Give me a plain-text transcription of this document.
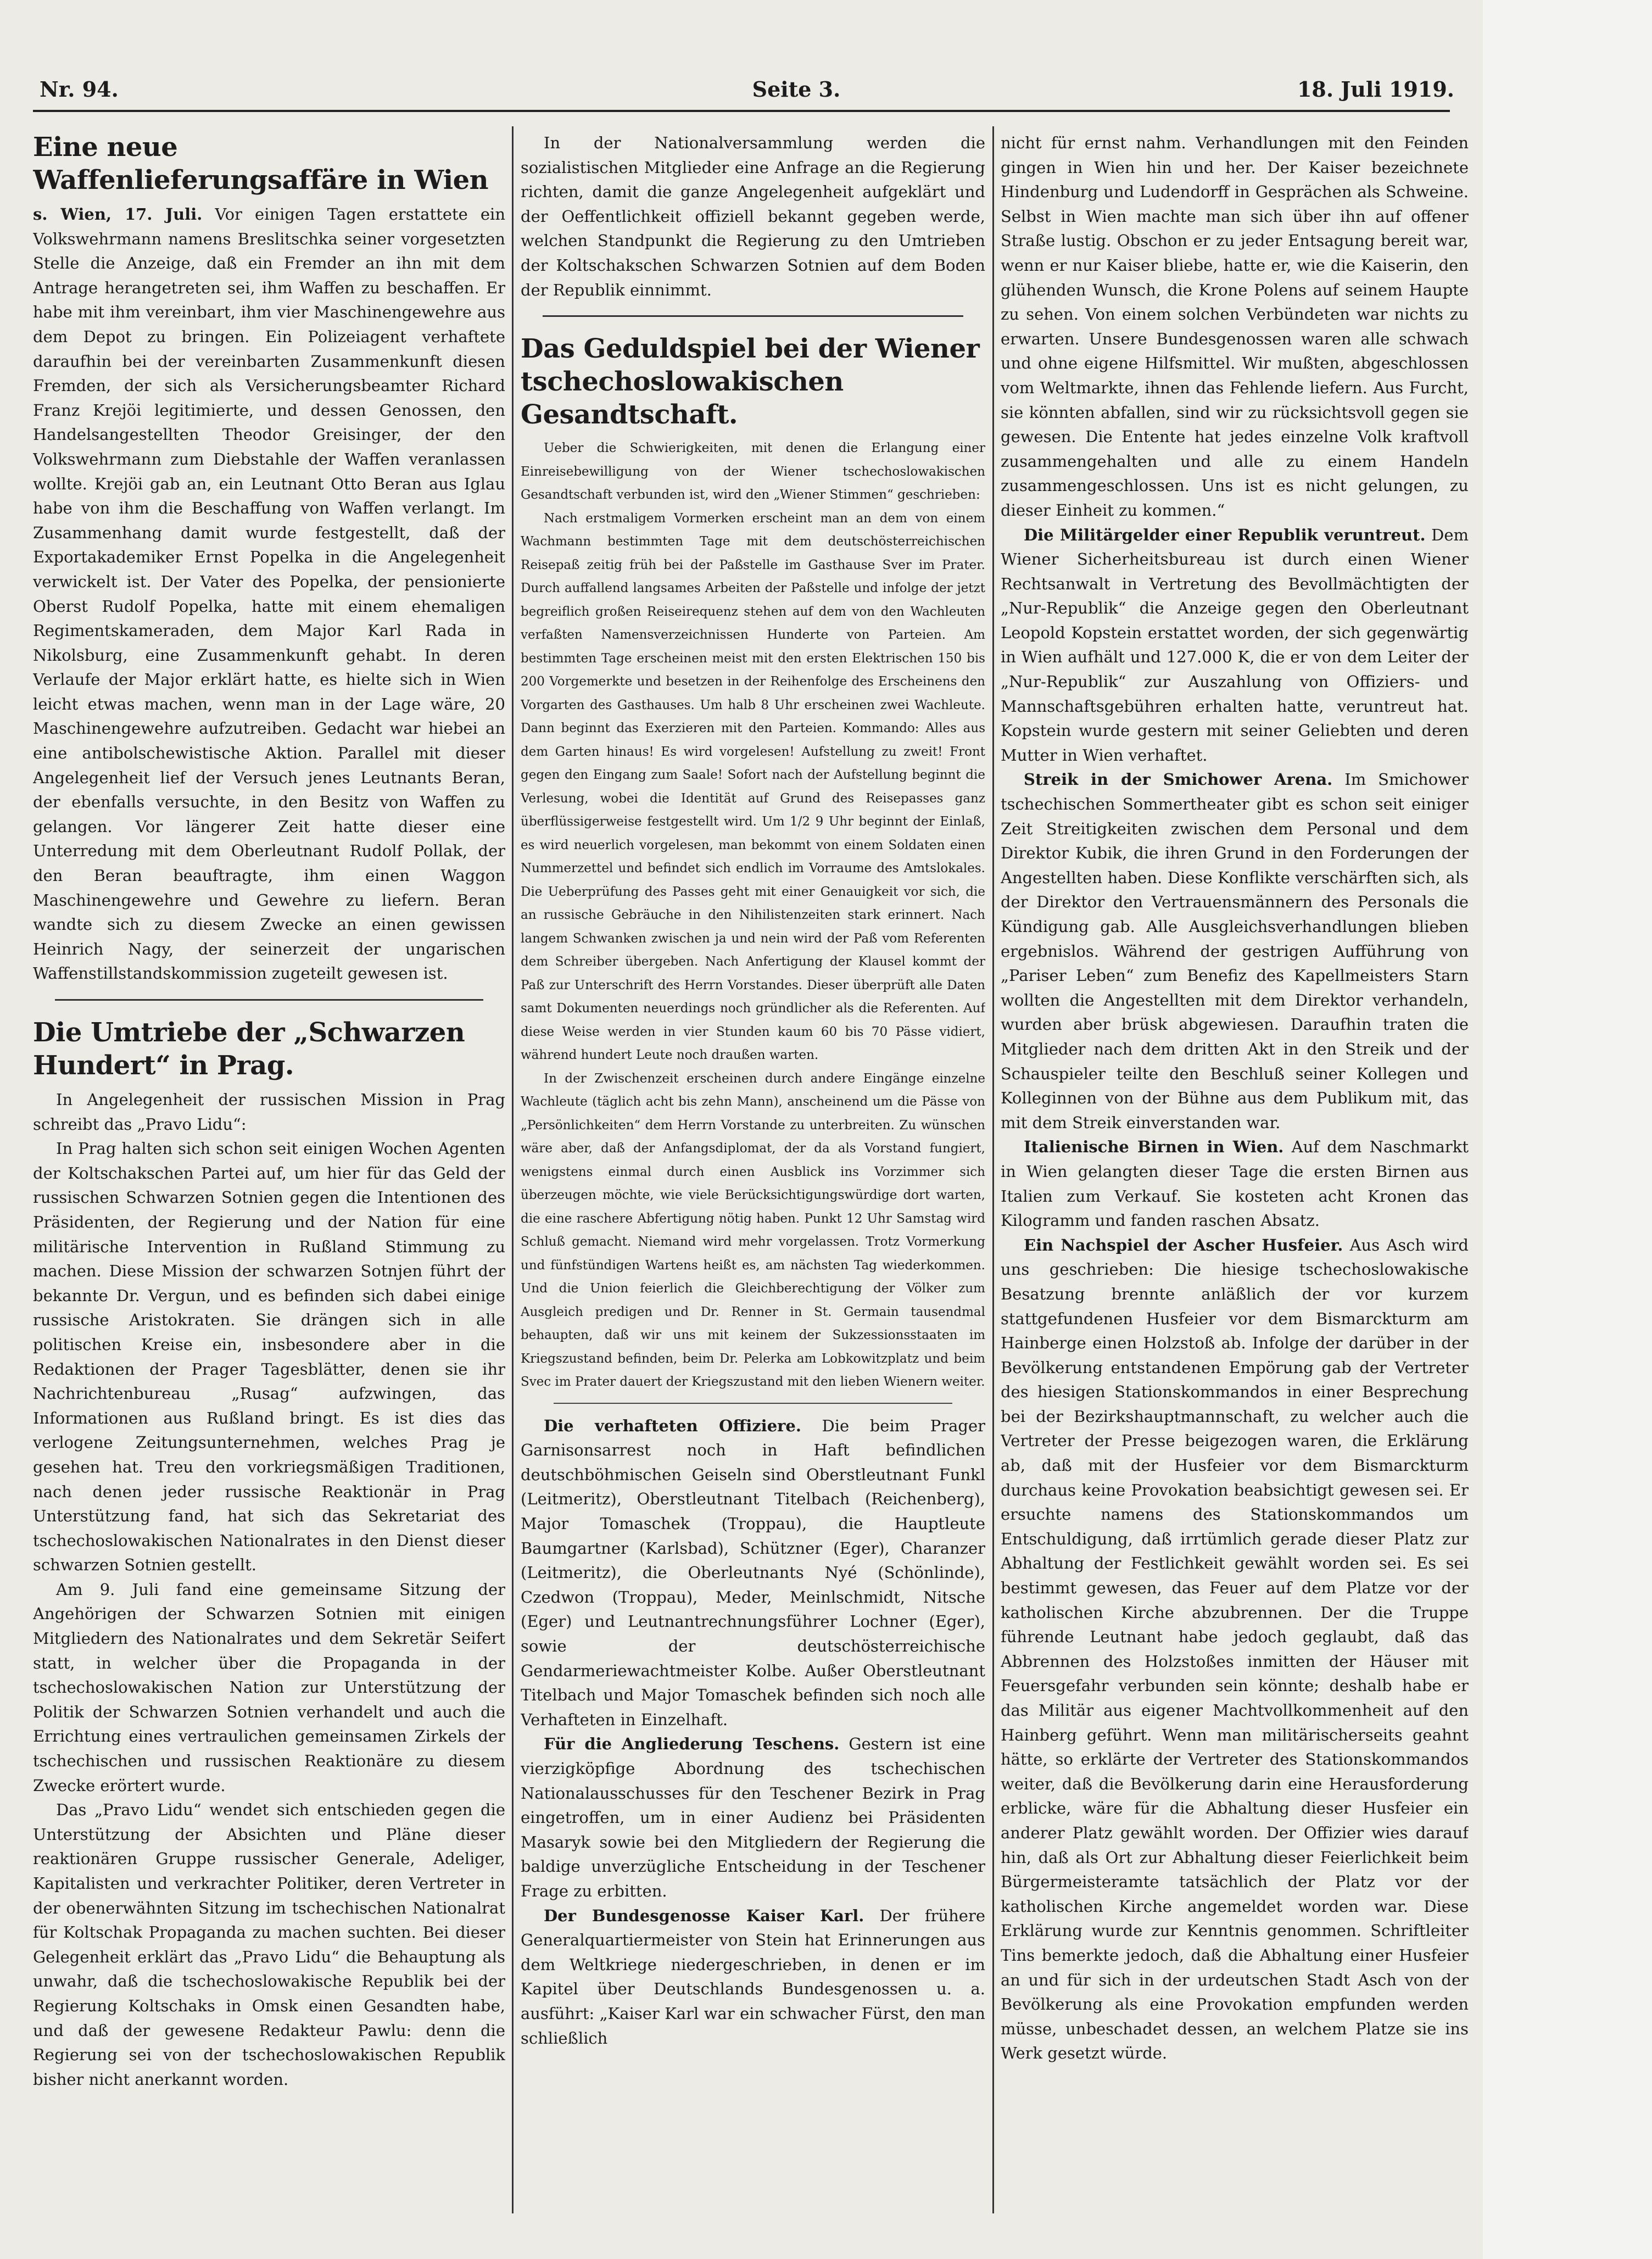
Nr. 94.	Seite 3.	18. Juli 1919.
Eine neue Waffenlieferungsaffäre in Wien

s. Wien, 17. Juli. Vor einigen Tagen erstattete ein Volkswehrmann namens Breslitschka seiner vorgesetzten Stelle die Anzeige, daß ein Fremder an ihn mit dem Antrage herangetreten sei, ihm Waffen zu beschaffen. Er habe mit ihm vereinbart, ihm vier Maschinengewehre aus dem Depot zu bringen. Ein Polizeiagent verhaftete daraufhin bei der vereinbarten Zusammenkunft diesen Fremden, der sich als Versicherungsbeamter Richard Franz Krejöi legitimierte, und dessen Genossen, den Handelsangestellten Theodor Greisinger, der den Volkswehrmann zum Diebstahle der Waffen veranlassen wollte. Krejöi gab an, ein Leutnant Otto Beran aus Iglau habe von ihm die Beschaffung von Waffen verlangt. Im Zusammenhang damit wurde festgestellt, daß der Exportakademiker Ernst Popelka in die Angelegenheit verwickelt ist. Der Vater des Popelka, der pensionierte Oberst Rudolf Popelka, hatte mit einem ehemaligen Regimentskameraden, dem Major Karl Rada in Nikolsburg, eine Zusammenkunft gehabt. In deren Verlaufe der Major erklärt hatte, es hielte sich in Wien leicht etwas machen, wenn man in der Lage wäre, 20 Maschinengewehre aufzutreiben. Gedacht war hiebei an eine antibolschewistische Aktion. Parallel mit dieser Angelegenheit lief der Versuch jenes Leutnants Beran, der ebenfalls versuchte, in den Besitz von Waffen zu gelangen. Vor längerer Zeit hatte dieser eine Unterredung mit dem Oberleutnant Rudolf Pollak, der den Beran beauftragte, ihm einen Waggon Maschinengewehre und Gewehre zu liefern. Beran wandte sich zu diesem Zwecke an einen gewissen Heinrich Nagy, der seinerzeit der ungarischen Waffenstillstandskommission zugeteilt gewesen ist.

Die Umtriebe der „Schwarzen Hundert“ in Prag.

In Angelegenheit der russischen Mission in Prag schreibt das „Pravo Lidu“:

In Prag halten sich schon seit einigen Wochen Agenten der Koltschakschen Partei auf, um hier für das Geld der russischen Schwarzen Sotnien gegen die Intentionen des Präsidenten, der Regierung und der Nation für eine militärische Intervention in Rußland Stimmung zu machen. Diese Mission der schwarzen Sotnjen führt der bekannte Dr. Vergun, und es befinden sich dabei einige russische Aristokraten. Sie drängen sich in alle politischen Kreise ein, insbesondere aber in die Redaktionen der Prager Tagesblätter, denen sie ihr Nachrichtenbureau „Rusag“ aufzwingen, das Informationen aus Rußland bringt. Es ist dies das verlogene Zeitungsunternehmen, welches Prag je gesehen hat. Treu den vorkriegsmäßigen Traditionen, nach denen jeder russische Reaktionär in Prag Unterstützung fand, hat sich das Sekretariat des tschechoslowakischen Nationalrates in den Dienst dieser schwarzen Sotnien gestellt.

Am 9. Juli fand eine gemeinsame Sitzung der Angehörigen der Schwarzen Sotnien mit einigen Mitgliedern des Nationalrates und dem Sekretär Seifert statt, in welcher über die Propaganda in der tschechoslowakischen Nation zur Unterstützung der Politik der Schwarzen Sotnien verhandelt und auch die Errichtung eines vertraulichen gemeinsamen Zirkels der tschechischen und russischen Reaktionäre zu diesem Zwecke erörtert wurde.

Das „Pravo Lidu“ wendet sich entschieden gegen die Unterstützung der Absichten und Pläne dieser reaktionären Gruppe russischer Generale, Adeliger, Kapitalisten und verkrachter Politiker, deren Vertreter in der obenerwähnten Sitzung im tschechischen Nationalrat für Koltschak Propaganda zu machen suchten. Bei dieser Gelegenheit erklärt das „Pravo Lidu“ die Behauptung als unwahr, daß die tschechoslowakische Republik bei der Regierung Koltschaks in Omsk einen Gesandten habe, und daß der gewesene Redakteur Pawlu: denn die Regierung sei von der tschechoslowakischen Republik bisher nicht anerkannt worden.

In der Nationalversammlung werden die sozialistischen Mitglieder eine Anfrage an die Regierung richten, damit die ganze Angelegenheit aufgeklärt und der Oeffentlichkeit offiziell bekannt gegeben werde, welchen Standpunkt die Regierung zu den Umtrieben der Koltschakschen Schwarzen Sotnien auf dem Boden der Republik einnimmt.

Das Geduldspiel bei der Wiener tschechoslowakischen Gesandtschaft.

Ueber die Schwierigkeiten, mit denen die Erlangung einer Einreisebewilligung von der Wiener tschechoslowakischen Gesandtschaft verbunden ist, wird den „Wiener Stimmen“ geschrieben:

Nach erstmaligem Vormerken erscheint man an dem von einem Wachmann bestimmten Tage mit dem deutschösterreichischen Reisepaß zeitig früh bei der Paßstelle im Gasthause Sver im Prater. Durch auffallend langsames Arbeiten der Paßstelle und infolge der jetzt begreiflich großen Reiseirequenz stehen auf dem von den Wachleuten verfaßten Namensverzeichnissen Hunderte von Parteien. Am bestimmten Tage erscheinen meist mit den ersten Elektrischen 150 bis 200 Vorgemerkte und besetzen in der Reihenfolge des Erscheinens den Vorgarten des Gasthauses. Um halb 8 Uhr erscheinen zwei Wachleute. Dann beginnt das Exerzieren mit den Parteien. Kommando: Alles aus dem Garten hinaus! Es wird vorgelesen! Aufstellung zu zweit! Front gegen den Eingang zum Saale! Sofort nach der Aufstellung beginnt die Verlesung, wobei die Identität auf Grund des Reisepasses ganz überflüssigerweise festgestellt wird. Um 1/2 9 Uhr beginnt der Einlaß, es wird neuerlich vorgelesen, man bekommt von einem Soldaten einen Nummerzettel und befindet sich endlich im Vorraume des Amtslokales. Die Ueberprüfung des Passes geht mit einer Genauigkeit vor sich, die an russische Gebräuche in den Nihilistenzeiten stark erinnert. Nach langem Schwanken zwischen ja und nein wird der Paß vom Referenten dem Schreiber übergeben. Nach Anfertigung der Klausel kommt der Paß zur Unterschrift des Herrn Vorstandes. Dieser überprüft alle Daten samt Dokumenten neuerdings noch gründlicher als die Referenten. Auf diese Weise werden in vier Stunden kaum 60 bis 70 Pässe vidiert, während hundert Leute noch draußen warten.

In der Zwischenzeit erscheinen durch andere Eingänge einzelne Wachleute (täglich acht bis zehn Mann), anscheinend um die Pässe von „Persönlichkeiten“ dem Herrn Vorstande zu unterbreiten. Zu wünschen wäre aber, daß der Anfangsdiplomat, der da als Vorstand fungiert, wenigstens einmal durch einen Ausblick ins Vorzimmer sich überzeugen möchte, wie viele Berücksichtigungswürdige dort warten, die eine raschere Abfertigung nötig haben. Punkt 12 Uhr Samstag wird Schluß gemacht. Niemand wird mehr vorgelassen. Trotz Vormerkung und fünfstündigen Wartens heißt es, am nächsten Tag wiederkommen. Und die Union feierlich die Gleichberechtigung der Völker zum Ausgleich predigen und Dr. Renner in St. Germain tausendmal behaupten, daß wir uns mit keinem der Sukzessionsstaaten im Kriegszustand befinden, beim Dr. Pelerka am Lobkowitzplatz und beim Svec im Prater dauert der Kriegszustand mit den lieben Wienern weiter.

Die verhafteten Offiziere. Die beim Prager Garnisonsarrest noch in Haft befindlichen deutschböhmischen Geiseln sind Oberstleutnant Funkl (Leitmeritz), Oberstleutnant Titelbach (Reichenberg), Major Tomaschek (Troppau), die Hauptleute Baumgartner (Karlsbad), Schützner (Eger), Charanzer (Leitmeritz), die Oberleutnants Nyé (Schönlinde), Czedwon (Troppau), Meder, Meinlschmidt, Nitsche (Eger) und Leutnantrechnungsführer Lochner (Eger), sowie der deutschösterreichische Gendarmeriewachtmeister Kolbe. Außer Oberstleutnant Titelbach und Major Tomaschek befinden sich noch alle Verhafteten in Einzelhaft.

Für die Angliederung Teschens. Gestern ist eine vierzigköpfige Abordnung des tschechischen Nationalausschusses für den Teschener Bezirk in Prag eingetroffen, um in einer Audienz bei Präsidenten Masaryk sowie bei den Mitgliedern der Regierung die baldige unverzügliche Entscheidung in der Teschener Frage zu erbitten.

Der Bundesgenosse Kaiser Karl. Der frühere Generalquartiermeister von Stein hat Erinnerungen aus dem Weltkriege niedergeschrieben, in denen er im Kapitel über Deutschlands Bundesgenossen u. a. ausführt: „Kaiser Karl war ein schwacher Fürst, den man schließlich

nicht für ernst nahm. Verhandlungen mit den Feinden gingen in Wien hin und her. Der Kaiser bezeichnete Hindenburg und Ludendorff in Gesprächen als Schweine. Selbst in Wien machte man sich über ihn auf offener Straße lustig. Obschon er zu jeder Entsagung bereit war, wenn er nur Kaiser bliebe, hatte er, wie die Kaiserin, den glühenden Wunsch, die Krone Polens auf seinem Haupte zu sehen. Von einem solchen Verbündeten war nichts zu erwarten. Unsere Bundesgenossen waren alle schwach und ohne eigene Hilfsmittel. Wir mußten, abgeschlossen vom Weltmarkte, ihnen das Fehlende liefern. Aus Furcht, sie könnten abfallen, sind wir zu rücksichtsvoll gegen sie gewesen. Die Entente hat jedes einzelne Volk kraftvoll zusammengehalten und alle zu einem Handeln zusammengeschlossen. Uns ist es nicht gelungen, zu dieser Einheit zu kommen.“

Die Militärgelder einer Republik veruntreut. Dem Wiener Sicherheitsbureau ist durch einen Wiener Rechtsanwalt in Vertretung des Bevollmächtigten der „Nur-Republik“ die Anzeige gegen den Oberleutnant Leopold Kopstein erstattet worden, der sich gegenwärtig in Wien aufhält und 127.000 K, die er von dem Leiter der „Nur-Republik“ zur Auszahlung von Offiziers- und Mannschaftsgebühren erhalten hatte, veruntreut hat. Kopstein wurde gestern mit seiner Geliebten und deren Mutter in Wien verhaftet.

Streik in der Smichower Arena. Im Smichower tschechischen Sommertheater gibt es schon seit einiger Zeit Streitigkeiten zwischen dem Personal und dem Direktor Kubik, die ihren Grund in den Forderungen der Angestellten haben. Diese Konflikte verschärften sich, als der Direktor den Vertrauensmännern des Personals die Kündigung gab. Alle Ausgleichsverhandlungen blieben ergebnislos. Während der gestrigen Aufführung von „Pariser Leben“ zum Benefiz des Kapellmeisters Starn wollten die Angestellten mit dem Direktor verhandeln, wurden aber brüsk abgewiesen. Daraufhin traten die Mitglieder nach dem dritten Akt in den Streik und der Schauspieler teilte den Beschluß seiner Kollegen und Kolleginnen von der Bühne aus dem Publikum mit, das mit dem Streik einverstanden war.

Italienische Birnen in Wien. Auf dem Naschmarkt in Wien gelangten dieser Tage die ersten Birnen aus Italien zum Verkauf. Sie kosteten acht Kronen das Kilogramm und fanden raschen Absatz.

Ein Nachspiel der Ascher Husfeier. Aus Asch wird uns geschrieben: Die hiesige tschechoslowakische Besatzung brennte anläßlich der vor kurzem stattgefundenen Husfeier vor dem Bismarckturm am Hainberge einen Holzstoß ab. Infolge der darüber in der Bevölkerung entstandenen Empörung gab der Vertreter des hiesigen Stationskommandos in einer Besprechung bei der Bezirkshauptmannschaft, zu welcher auch die Vertreter der Presse beigezogen waren, die Erklärung ab, daß mit der Husfeier vor dem Bismarckturm durchaus keine Provokation beabsichtigt gewesen sei. Er ersuchte namens des Stationskommandos um Entschuldigung, daß irrtümlich gerade dieser Platz zur Abhaltung der Festlichkeit gewählt worden sei. Es sei bestimmt gewesen, das Feuer auf dem Platze vor der katholischen Kirche abzubrennen. Der die Truppe führende Leutnant habe jedoch geglaubt, daß das Abbrennen des Holzstoßes inmitten der Häuser mit Feuersgefahr verbunden sein könnte; deshalb habe er das Militär aus eigener Machtvollkommenheit auf den Hainberg geführt. Wenn man militärischerseits geahnt hätte, so erklärte der Vertreter des Stationskommandos weiter, daß die Bevölkerung darin eine Herausforderung erblicke, wäre für die Abhaltung dieser Husfeier ein anderer Platz gewählt worden. Der Offizier wies darauf hin, daß als Ort zur Abhaltung dieser Feierlichkeit beim Bürgermeisteramte tatsächlich der Platz vor der katholischen Kirche angemeldet worden war. Diese Erklärung wurde zur Kenntnis genommen. Schriftleiter Tins bemerkte jedoch, daß die Abhaltung einer Husfeier an und für sich in der urdeutschen Stadt Asch von der Bevölkerung als eine Provokation empfunden werden müsse, unbeschadet dessen, an welchem Platze sie ins Werk gesetzt würde.
